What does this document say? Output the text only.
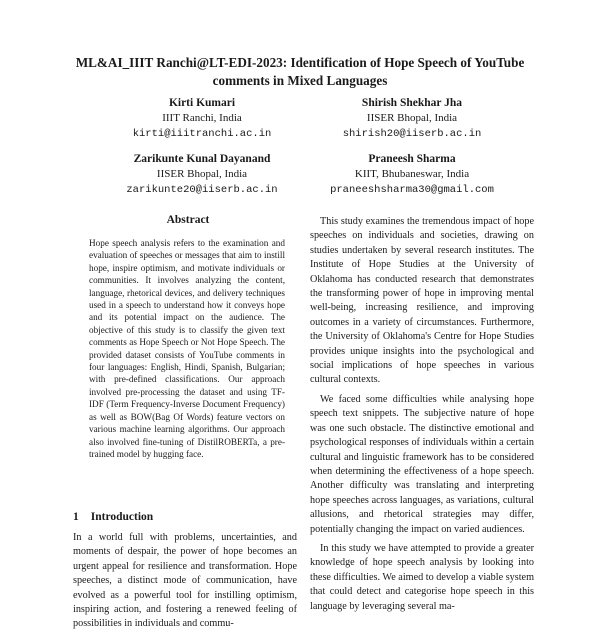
ML&AI_IIIT Ranchi@LT-EDI-2023: Identification of Hope Speech of YouTube comments in Mixed Languages
Kirti Kumari
IIIT Ranchi, India
kirti@iiitranchi.ac.in
Shirish Shekhar Jha
IISER Bhopal, India
shirish20@iiserb.ac.in
Zarikunte Kunal Dayanand
IISER Bhopal, India
zarikunte20@iiserb.ac.in
Praneesh Sharma
KIIT, Bhubaneswar, India
praneeshsharma30@gmail.com
Abstract

Hope speech analysis refers to the examination and evaluation of speeches or messages that aim to instill hope, inspire optimism, and motivate individuals or communities. It involves analyzing the content, language, rhetorical devices, and delivery techniques used in a speech to understand how it conveys hope and its potential impact on the audience. The objective of this study is to classify the given text comments as Hope Speech or Not Hope Speech. The provided dataset consists of YouTube comments in four languages: English, Hindi, Spanish, Bulgarian; with pre-defined classifications. Our approach involved pre-processing the dataset and using TF-IDF (Term Frequency-Inverse Document Frequency) as well as BOW(Bag Of Words) feature vectors on various machine learning algorithms. Our approach also involved fine-tuning of DistilROBERTa, a pre-trained model by hugging face.

1 Introduction

In a world full with problems, uncertainties, and moments of despair, the power of hope becomes an urgent appeal for resilience and transformation. Hope speeches, a distinct mode of communication, have evolved as a powerful tool for instilling optimism, inspiring action, and fostering a renewed feeling of possibilities in individuals and commu-

This study examines the tremendous impact of hope speeches on individuals and societies, drawing on studies undertaken by several research institutes. The Institute of Hope Studies at the University of Oklahoma has conducted research that demonstrates the transforming power of hope in improving mental well-being, increasing resilience, and improving outcomes in a variety of circumstances. Furthermore, the University of Oklahoma's Centre for Hope Studies provides unique insights into the psychological and social implications of hope speeches in various cultural contexts.

We faced some difficulties while analysing hope speech text snippets. The subjective nature of hope was one such obstacle. The distinctive emotional and psychological responses of individuals within a certain cultural and linguistic framework has to be considered when determining the effectiveness of a hope speech. Another difficulty was translating and interpreting hope speeches across languages, as variations, cultural allusions, and rhetorical strategies may differ, potentially changing the impact on varied audiences.

In this study we have attempted to provide a greater knowledge of hope speech analysis by looking into these difficulties. We aimed to develop a viable system that could detect and categorise hope speech in this language by leveraging several ma-
